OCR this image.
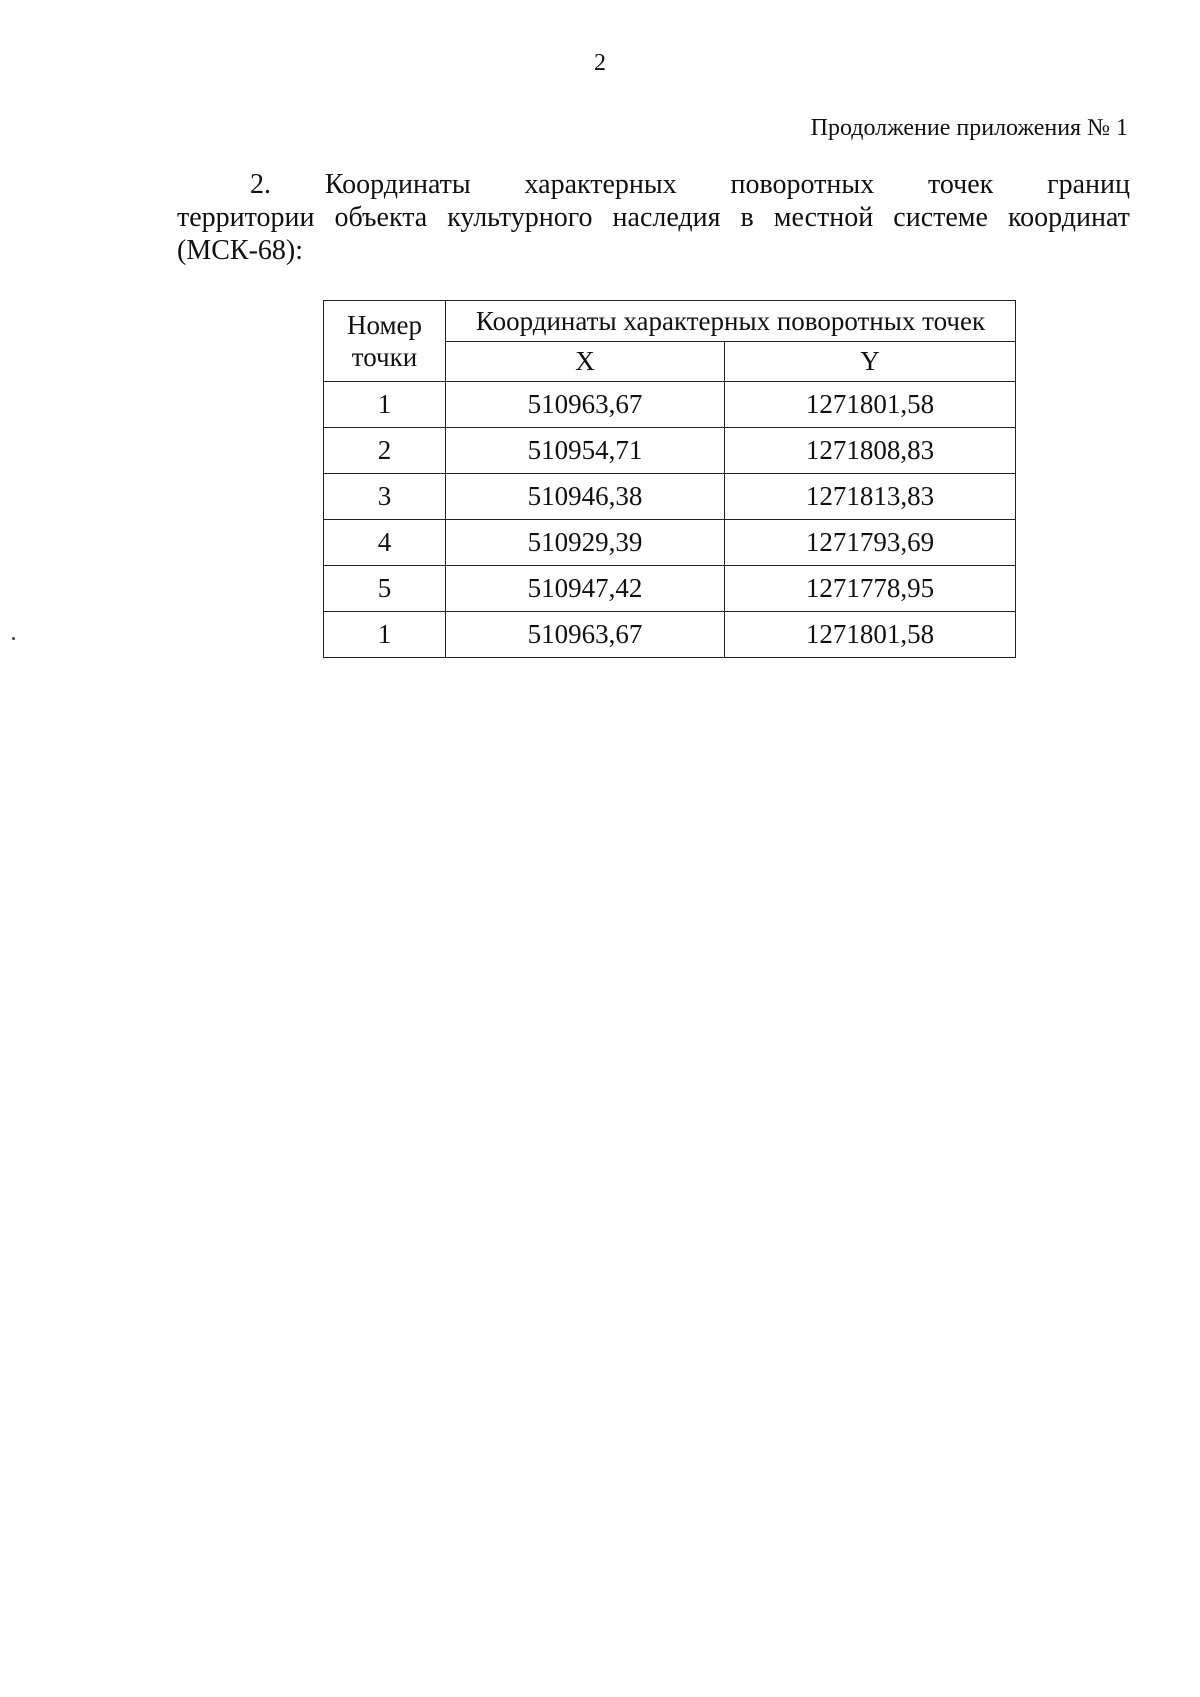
2
Продолжение приложения № 1
2. Координаты характерных поворотных точек границ
территории объекта культурного наследия в местной системе координат
(МСК-68):
Номер
точки	Координаты характерных поворотных точек	
	X	Y
1	510963,67	1271801,58
2	510954,71	1271808,83
3	510946,38	1271813,83
4	510929,39	1271793,69
5	510947,42	1271778,95
1	510963,67	1271801,58
